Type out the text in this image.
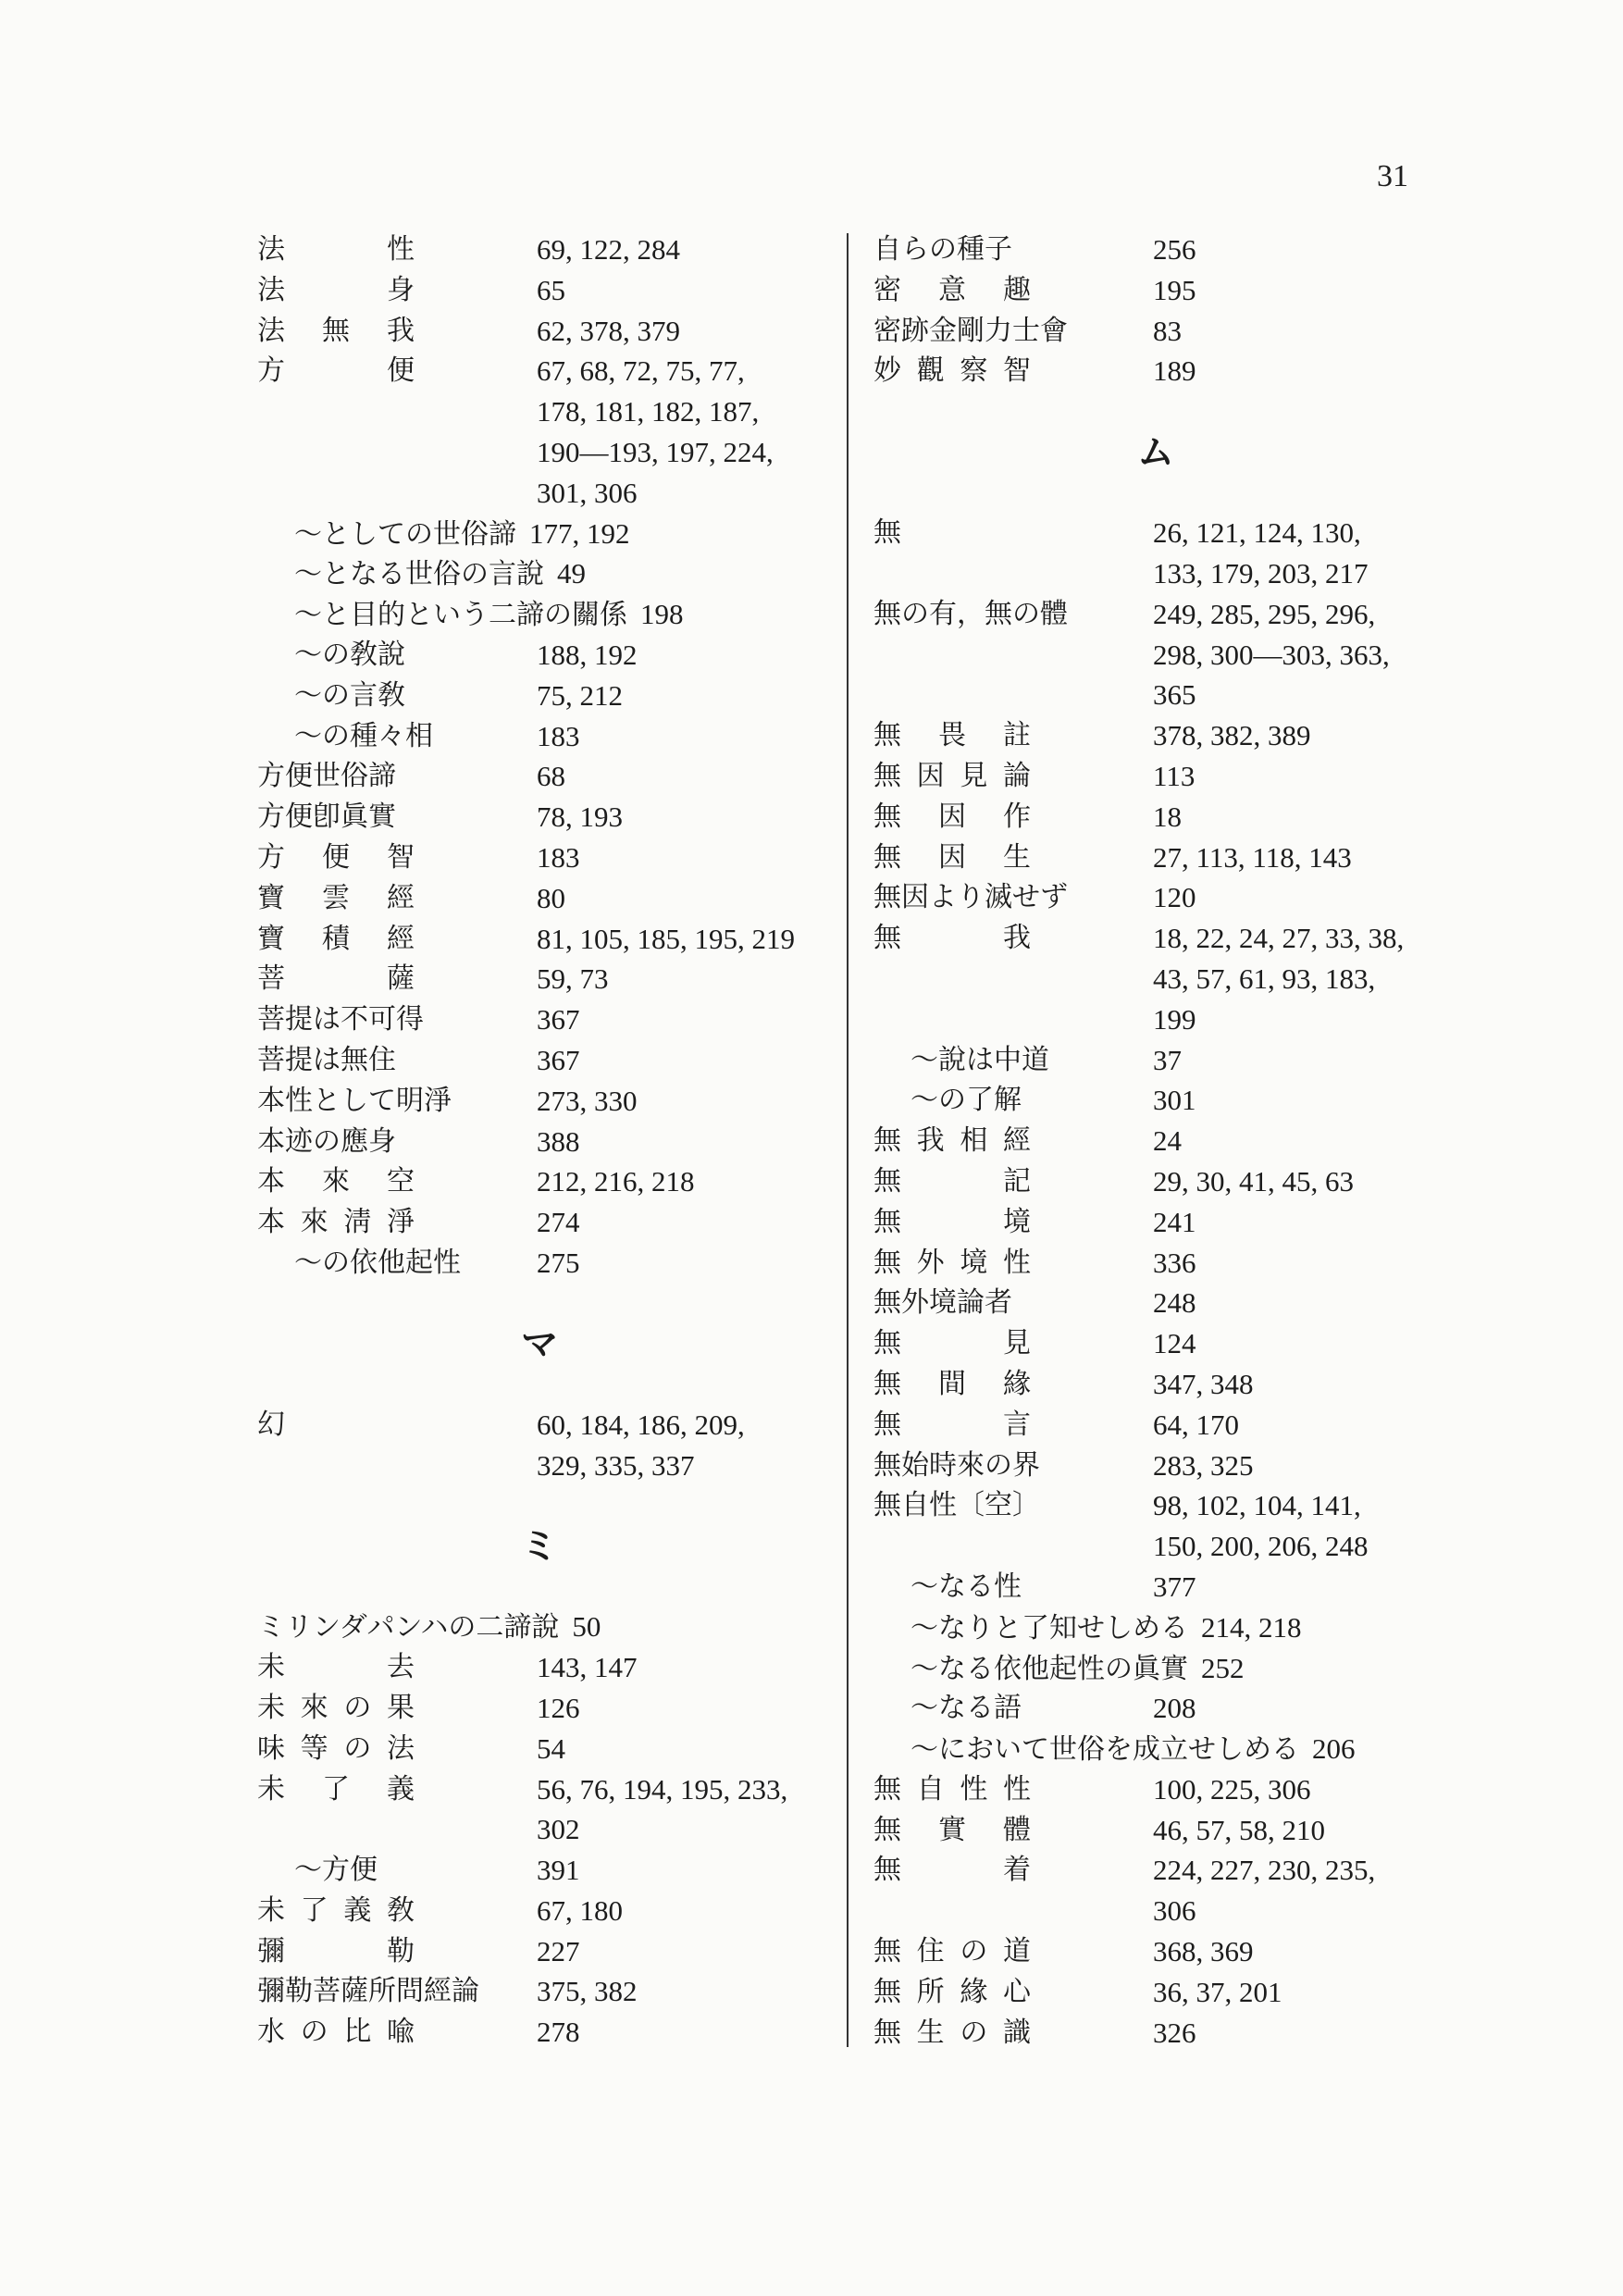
31
法性	69, 122, 284
法身	65
法無我	62, 378, 379
方便	67, 68, 72, 75, 77,
178, 181, 182, 187,
190—193, 197, 224,
301, 306
〜としての世俗諦 177, 192
〜となる世俗の言說 49
〜と目的という二諦の關係 198
〜の敎說	188, 192
〜の言敎	75, 212
〜の種々相	183
方便世俗諦	68
方便卽眞實	78, 193
方便智	183
寶雲經	80
寶積經	81, 105, 185, 195, 219
菩薩	59, 73
菩提は不可得	367
菩提は無住	367
本性として明淨	273, 330
本迹の應身	388
本來空	212, 216, 218
本來淸淨	274
〜の依他起性	275
マ
幻	60, 184, 186, 209,
329, 335, 337
ミ
ミリンダパンハの二諦說 50
未去	143, 147
未來の果	126
味等の法	54
未了義	56, 76, 194, 195, 233,
302
〜方便	391
未了義敎	67, 180
彌勒	227
彌勒菩薩所問經論	375, 382
水の比喩	278
自らの種子	256
密意趣	195
密跡金剛力士會	83
妙觀察智	189
ム
無	26, 121, 124, 130,
133, 179, 203, 217
無の有，無の體	249, 285, 295, 296,
298, 300—303, 363,
365
無畏註	378, 382, 389
無因見論	113
無因作	18
無因生	27, 113, 118, 143
無因より滅せず	120
無我	18, 22, 24, 27, 33, 38,
43, 57, 61, 93, 183,
199
〜說は中道	37
〜の了解	301
無我相經	24
無記	29, 30, 41, 45, 63
無境	241
無外境性	336
無外境論者	248
無見	124
無間緣	347, 348
無言	64, 170
無始時來の界	283, 325
無自性〔空〕	98, 102, 104, 141,
150, 200, 206, 248
〜なる性	377
〜なりと了知せしめる 214, 218
〜なる依他起性の眞實 252
〜なる語	208
〜において世俗を成立せしめる 206
無自性性	100, 225, 306
無實體	46, 57, 58, 210
無着	224, 227, 230, 235,
306
無住の道	368, 369
無所緣心	36, 37, 201
無生の識	326
